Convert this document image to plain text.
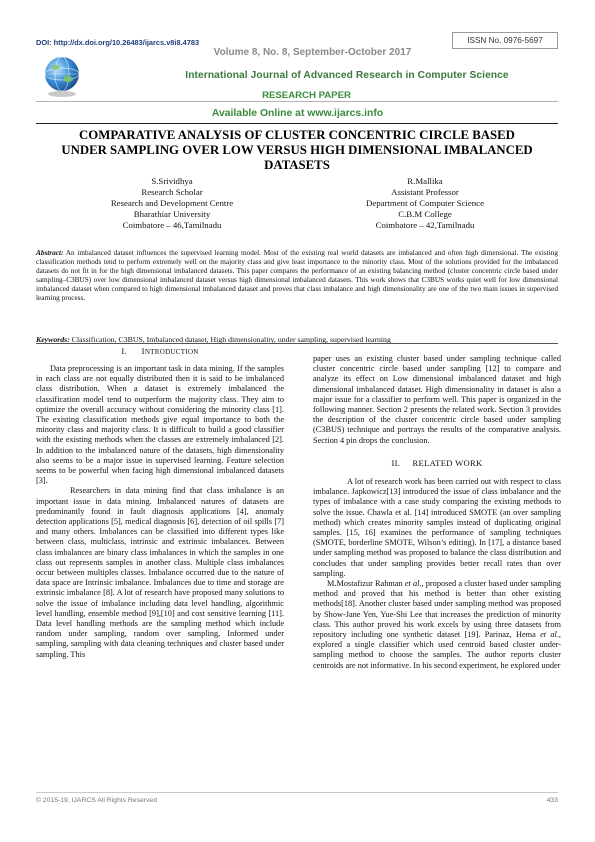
DOI: http://dx.doi.org/10.26483/ijarcs.v8i8.4783	ISSN No. 0976-5697
Volume 8, No. 8, September-October 2017
International Journal of Advanced Research in Computer Science
RESEARCH PAPER
Available Online at www.ijarcs.info
COMPARATIVE ANALYSIS OF CLUSTER CONCENTRIC CIRCLE BASED
UNDER SAMPLING OVER LOW VERSUS HIGH DIMENSIONAL IMBALANCED
DATASETS
S.Srividhya
Research Scholar
Research and Development Centre
Bharathiar University
Coimbatore – 46,Tamilnadu
R.Mallika
Assistant Professor
Department of Computer Science
C.B.M College
Coimbatore – 42,Tamilnadu
Abstract: An imbalanced dataset influences the supervised learning model. Most of the existing real world datasets are imbalanced and often high dimensional. The existing classification methods tend to perform extremely well on the majority class and give least importance to the minority class. Most of the solutions provided for the imbalanced datasets do not fit in for the high dimensional imbalanced datasets. This paper compares the performance of an existing balancing method (cluster concentric circle based under sampling–C3BUS) over low dimensional imbalanced dataset versus high dimensional imbalanced datasets. This work shows that C3BUS works quiet well for low dimensional imbalanced dataset when compared to high dimensional imbalanced dataset and proves that class imbalance and high dimensionality are one of the two main issues in supervised learning process.
Keywords: Classification, C3BUS, Imbalanced dataset, High dimensionality, under sampling, supervised learning
I. INTRODUCTION

Data preprocessing is an important task in data mining. If the samples in each class are not equally distributed then it is said to be imbalanced class distribution. When a dataset is extremely imbalanced the classification model tend to outperform the majority class. They aim to optimize the overall accuracy without considering the minority class [1]. The existing classification methods give equal importance to both the minority class and majority class. It is difficult to build a good classifier with the existing methods when the classes are extremely imbalanced [2]. In addition to the imbalanced nature of the datasets, high dimensionality also seems to be a major issue in supervised learning. Feature selection seems to be powerful when facing high dimensional imbalanced datasets [3].

Researchers in data mining find that class imbalance is an important issue in data mining. Imbalanced natures of datasets are predominantly found in fault diagnosis applications [4], anomaly detection applications [5], medical diagnosis [6], detection of oil spills [7] and many others. Imbalances can be classified into different types like between class, multiclass, intrinsic and extrinsic imbalances. Between class imbalances are binary class imbalances in which the samples in one class out represents samples in another class. Multiple class imbalances occur between multiples classes. Imbalance occurred due to the nature of data space are Intrinsic imbalance. Imbalances due to time and storage are extrinsic imbalance [8]. A lot of research have proposed many solutions to solve the issue of imbalance including data level handling, algorithmic level handling, ensemble method [9],[10] and cost sensitive learning [11]. Data level handling methods are the sampling method which include random under sampling, random over sampling, Informed under sampling, sampling with data cleaning techniques and cluster based under sampling. This

paper uses an existing cluster based under sampling technique called cluster concentric circle based under sampling [12] to compare and analyze its effect on Low dimensional imbalanced dataset and high dimensional imbalanced dataset. High dimensionality in dataset is also a major issue for a classifier to perform well. This paper is organized in the following manner. Section 2 presents the related work. Section 3 provides the description of the cluster concentric circle based under sampling (C3BUS) technique and portrays the results of the comparative analysis. Section 4 pin drops the conclusion.

II.     RELATED WORK

A lot of research work has been carried out with respect to class imbalance. Japkowicz[13] introduced the issue of class imbalance and the types of imbalance with a case study comparing the existing methods to solve the issue. Chawla et al. [14] introduced SMOTE (an over sampling method) which creates minority samples instead of duplicating original samples. [15, 16] examines the performance of sampling techniques (SMOTE, borderline SMOTE, Wilson’s editing). In [17], a distance based under sampling method was proposed to balance the class distribution and concludes that under sampling provides better recall rates than over sampling.

M.Mostafizur Rahman et al., proposed a cluster based under sampling method and proved that his method is better than other existing methods[18]. Another cluster based under sampling method was proposed by Show-Jane Yen, Yue-Shi Lee that increases the prediction of minority class. This author proved his work excels by using three datasets from repository including one synthetic dataset [19]. Parinaz, Hema et al., explored a single classifier which used centroid based cluster under-sampling method to choose the samples. The author reports cluster centroids are not informative. In his second experiment, he explored under

© 2015-19, IJARCS All Rights Reserved	433
